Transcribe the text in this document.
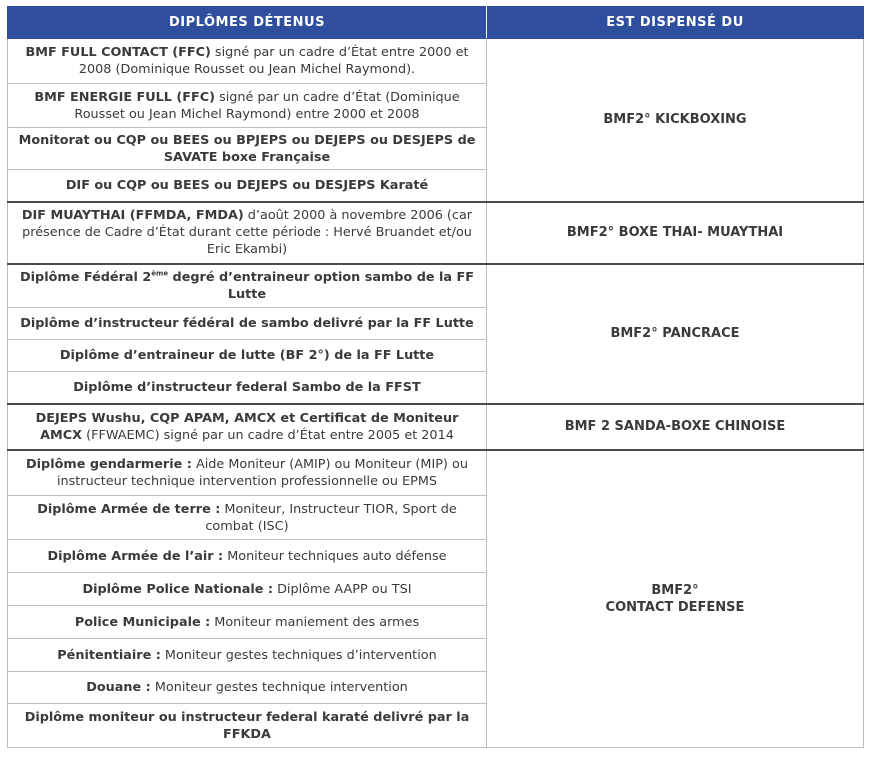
DIPLÔMES DÉTENUS	EST DISPENSÉ DU
BMF FULL CONTACT (FFC) signé par un cadre d’État entre 2000 et 2008 (Dominique Rousset ou Jean Michel Raymond).	BMF2° KICKBOXING
BMF ENERGIE FULL (FFC) signé par un cadre d’État (Dominique Rousset ou Jean Michel Raymond) entre 2000 et 2008	
Monitorat ou CQP ou BEES ou BPJEPS ou DEJEPS ou DESJEPS de SAVATE boxe Française	
DIF ou CQP ou BEES ou DEJEPS ou DESJEPS Karaté	
DIF MUAYTHAI (FFMDA, FMDA) d’août 2000 à novembre 2006 (car présence de Cadre d’État durant cette période : Hervé Bruandet et/ou Eric Ekambi)	BMF2° BOXE THAI- MUAYTHAI
Diplôme Fédéral 2ème degré d’entraineur option sambo de la FF Lutte	BMF2° PANCRACE
Diplôme d’instructeur fédéral de sambo delivré par la FF Lutte	
Diplôme d’entraineur de lutte (BF 2°) de la FF Lutte	
Diplôme d’instructeur federal Sambo de la FFST	
DEJEPS Wushu, CQP APAM, AMCX et Certificat de Moniteur AMCX (FFWAEMC) signé par un cadre d’État entre 2005 et 2014	BMF 2 SANDA-BOXE CHINOISE
Diplôme gendarmerie : Aide Moniteur (AMIP) ou Moniteur (MIP) ou instructeur technique intervention professionnelle ou EPMS	BMF2°
CONTACT DEFENSE

Diplôme Armée de terre : Moniteur, Instructeur TIOR, Sport de combat (ISC)	
Diplôme Armée de l’air : Moniteur techniques auto défense	
Diplôme Police Nationale : Diplôme AAPP ou TSI	
Police Municipale : Moniteur maniement des armes	
Pénitentiaire : Moniteur gestes techniques d’intervention	
Douane : Moniteur gestes technique intervention	
Diplôme moniteur ou instructeur federal karaté delivré par la FFKDA	
